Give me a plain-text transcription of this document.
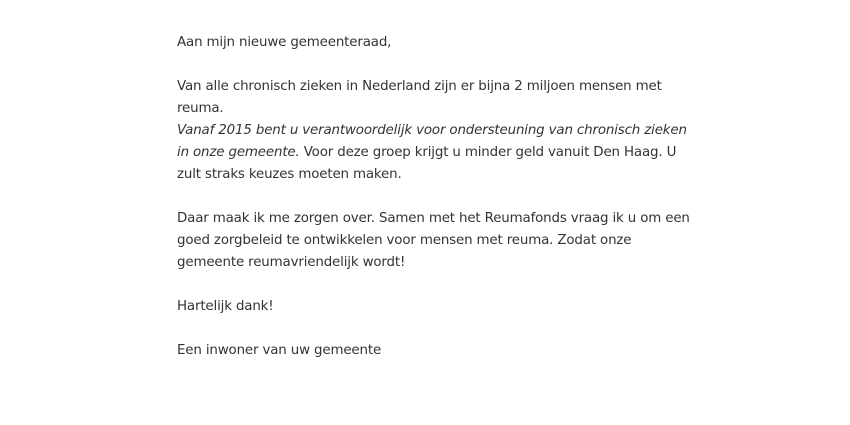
Aan mijn nieuwe gemeenteraad,

Van alle chronisch zieken in Nederland zijn er bijna 2 miljoen mensen met reuma.
Vanaf 2015 bent u verantwoordelijk voor ondersteuning van chronisch zieken in onze gemeente. Voor deze groep krijgt u minder geld vanuit Den Haag. U zult straks keuzes moeten maken.

Daar maak ik me zorgen over. Samen met het Reumafonds vraag ik u om een goed zorgbeleid te ontwikkelen voor mensen met reuma. Zodat onze gemeente reumavriendelijk wordt!

Hartelijk dank!

Een inwoner van uw gemeente
